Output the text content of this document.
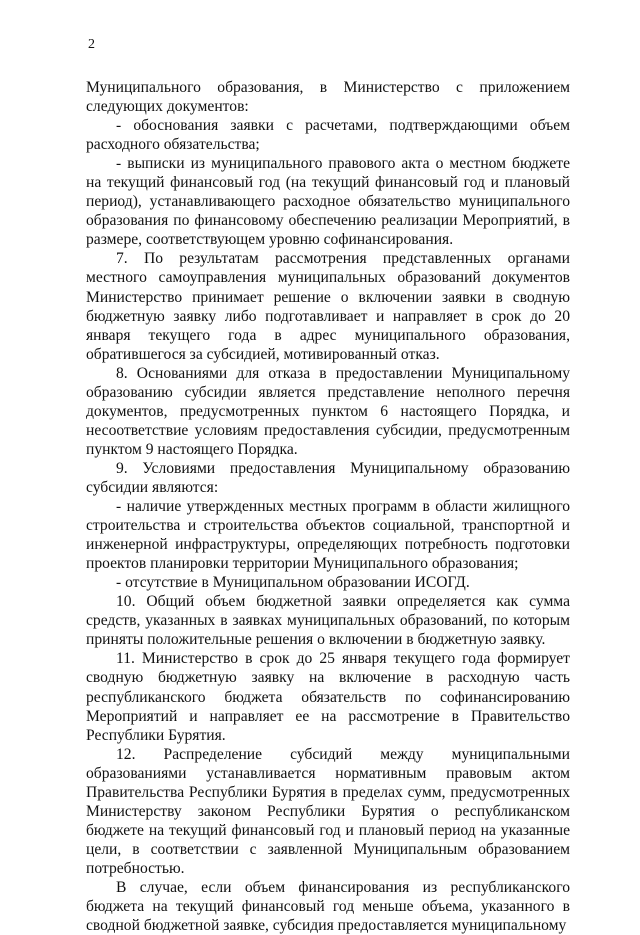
2

Муниципального образования, в Министерство с приложением следующих документов:

- обоснования заявки с расчетами, подтверждающими объем расходного обязательства;

- выписки из муниципального правового акта о местном бюджете на текущий финансовый год (на текущий финансовый год и плановый период), устанавливающего расходное обязательство муниципального образования по финансовому обеспечению реализации Мероприятий, в размере, соответствующем уровню софинансирования.

7. По результатам рассмотрения представленных органами местного самоуправления муниципальных образований документов Министерство принимает решение о включении заявки в сводную бюджетную заявку либо подготавливает и направляет в срок до 20 января текущего года в адрес муниципального образования, обратившегося за субсидией, мотивированный отказ.

8. Основаниями для отказа в предоставлении Муниципальному образованию субсидии является представление неполного перечня документов, предусмотренных пунктом 6 настоящего Порядка, и несоответствие условиям предоставления субсидии, предусмотренным пунктом 9 настоящего Порядка.

9. Условиями предоставления Муниципальному образованию субсидии являются:

- наличие утвержденных местных программ в области жилищного строительства и строительства объектов социальной, транспортной и инженерной инфраструктуры, определяющих потребность подготовки проектов планировки территории Муниципального образования;

- отсутствие в Муниципальном образовании ИСОГД.

10. Общий объем бюджетной заявки определяется как сумма средств, указанных в заявках муниципальных образований, по которым приняты положительные решения о включении в бюджетную заявку.

11. Министерство в срок до 25 января текущего года формирует сводную бюджетную заявку на включение в расходную часть республиканского бюджета обязательств по софинансированию Мероприятий и направляет ее на рассмотрение в Правительство Республики Бурятия.

12. Распределение субсидий между муниципальными образованиями устанавливается нормативным правовым актом Правительства Республики Бурятия в пределах сумм, предусмотренных Министерству законом Республики Бурятия о республиканском бюджете на текущий финансовый год и плановый период на указанные цели, в соответствии с заявленной Муниципальным образованием потребностью.

В случае, если объем финансирования из республиканского бюджета на текущий финансовый год меньше объема, указанного в сводной бюджетной заявке, субсидия предоставляется муниципальному
